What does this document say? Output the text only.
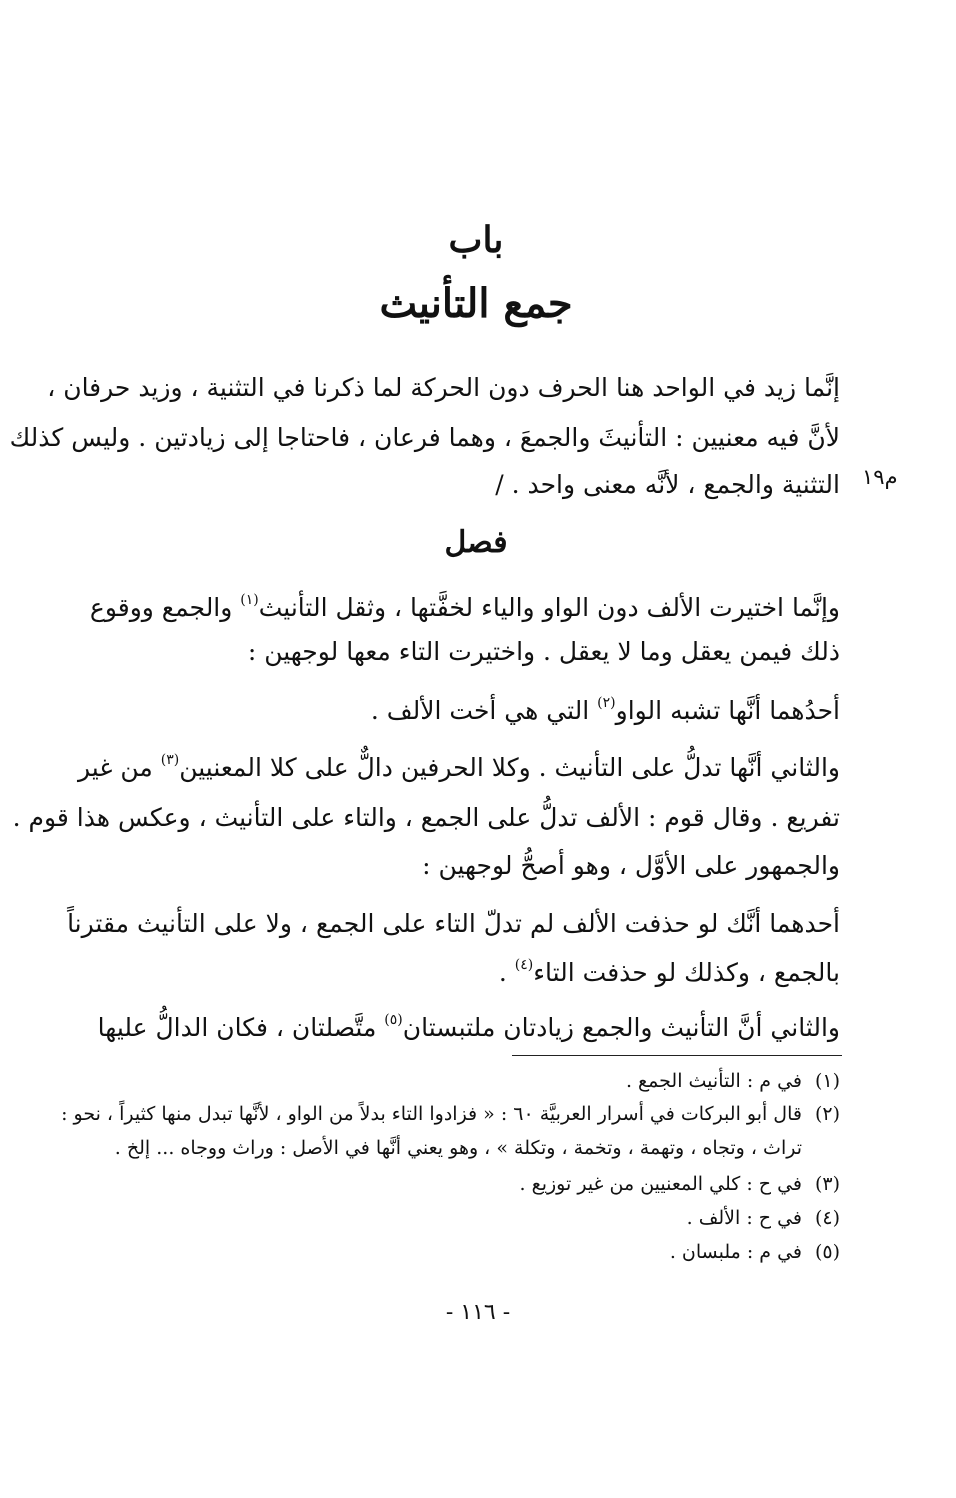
باب
جمع التأنيث
إنَّما زيد في الواحد هنا الحرف دون الحركة لما ذكرنا في التثنية ، وزيد حرفان ،
لأنَّ فيه معنيين : التأنيثَ والجمعَ ، وهما فرعان ، فاحتاجا إلى زيادتين . وليس كذلك
التثنية والجمع ، لأنَّه معنى واحد . / م١٩
فصل
وإنَّما اختيرت الألف دون الواو والياء لخفَّتها ، وثقل التأنيث$^{(١)}$ والجمع ووقوع
ذلك فيمن يعقل وما لا يعقل . واختيرت التاء معها لوجهين :
أحدُهما أنَّها تشبه الواو$^{(٢)}$ التي هي أخت الألف .
والثاني أنَّها تدلُّ على التأنيث . وكلا الحرفين دالٌّ على كلا المعنيين$^{(٣)}$ من غير
تفريع . وقال قوم : الألف تدلُّ على الجمع ، والتاء على التأنيث ، وعكس هذا قوم .
والجمهور على الأوَّل ، وهو أصحُّ لوجهين :
أحدهما أنَّك لو حذفت الألف لم تدلّ التاء على الجمع ، ولا على التأنيث مقترناً
بالجمع ، وكذلك لو حذفت التاء$^{(٤)}$ .
والثاني أنَّ التأنيث والجمع زيادتان ملتبستان$^{(٥)}$ متَّصلتان ، فكان الدالُّ عليها
(١)
في م : التأنيث الجمع .
(٢)
قال أبو البركات في أسرار العربيَّة ٦٠ : « فزادوا التاء بدلاً من الواو ، لأنَّها تبدل منها كثيراً ، نحو :
تراث ، وتجاه ، وتهمة ، وتخمة ، وتكلة » ، وهو يعني أنَّها في الأصل : وراث ووجاه ... إلخ .
(٣)
في ح : كلي المعنيين من غير توزيع .
(٤)
في ح : الألف .
(٥)
في م : ملبسان .
- ١١٦ -
